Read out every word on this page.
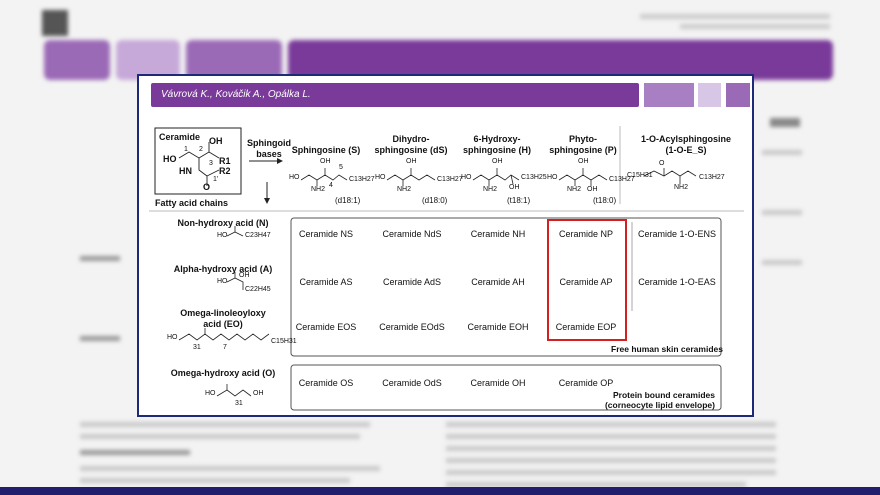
Vávrová K., Kováčik A., Opálka L.
Ceramide OH
1 2
3
HO	R1
HN	R2
1'
O
Sphingoid
bases
Fatty acid chains
Sphingosine (S)
Dihydro-
sphingosine (dS)
6-Hydroxy-
sphingosine (H)
Phyto-
sphingosine (P)
1-O-Acylsphingosine
(1-O-E_S)
OH
HO
NH2
C13H27
5
4
OH
HO
NH2
C13H27
OH
HO
NH2 OH
C13H25
OH
HO
NH2 OH
C13H27
C15H31
O
NH2
C13H27
(d18:1)	(d18:0)	(t18:1)	(t18:0)
Non-hydroxy acid (N)
HO	C23H47
Alpha-hydroxy acid (A)
OH
HO
C22H45
Omega-linoleoyloxy
acid (EO)
HO
31	7
C15H31
Omega-hydroxy acid (O)
HO	OH
31
Ceramide NS	Ceramide NdS	Ceramide NH	Ceramide NP	Ceramide 1-O-ENS
Ceramide AS	Ceramide AdS	Ceramide AH	Ceramide AP	Ceramide 1-O-EAS
Ceramide EOS	Ceramide EOdS	Ceramide EOH	Ceramide EOP
Free human skin ceramides
Ceramide OS	Ceramide OdS	Ceramide OH	Ceramide OP
Protein bound ceramides
(corneocyte lipid envelope)
